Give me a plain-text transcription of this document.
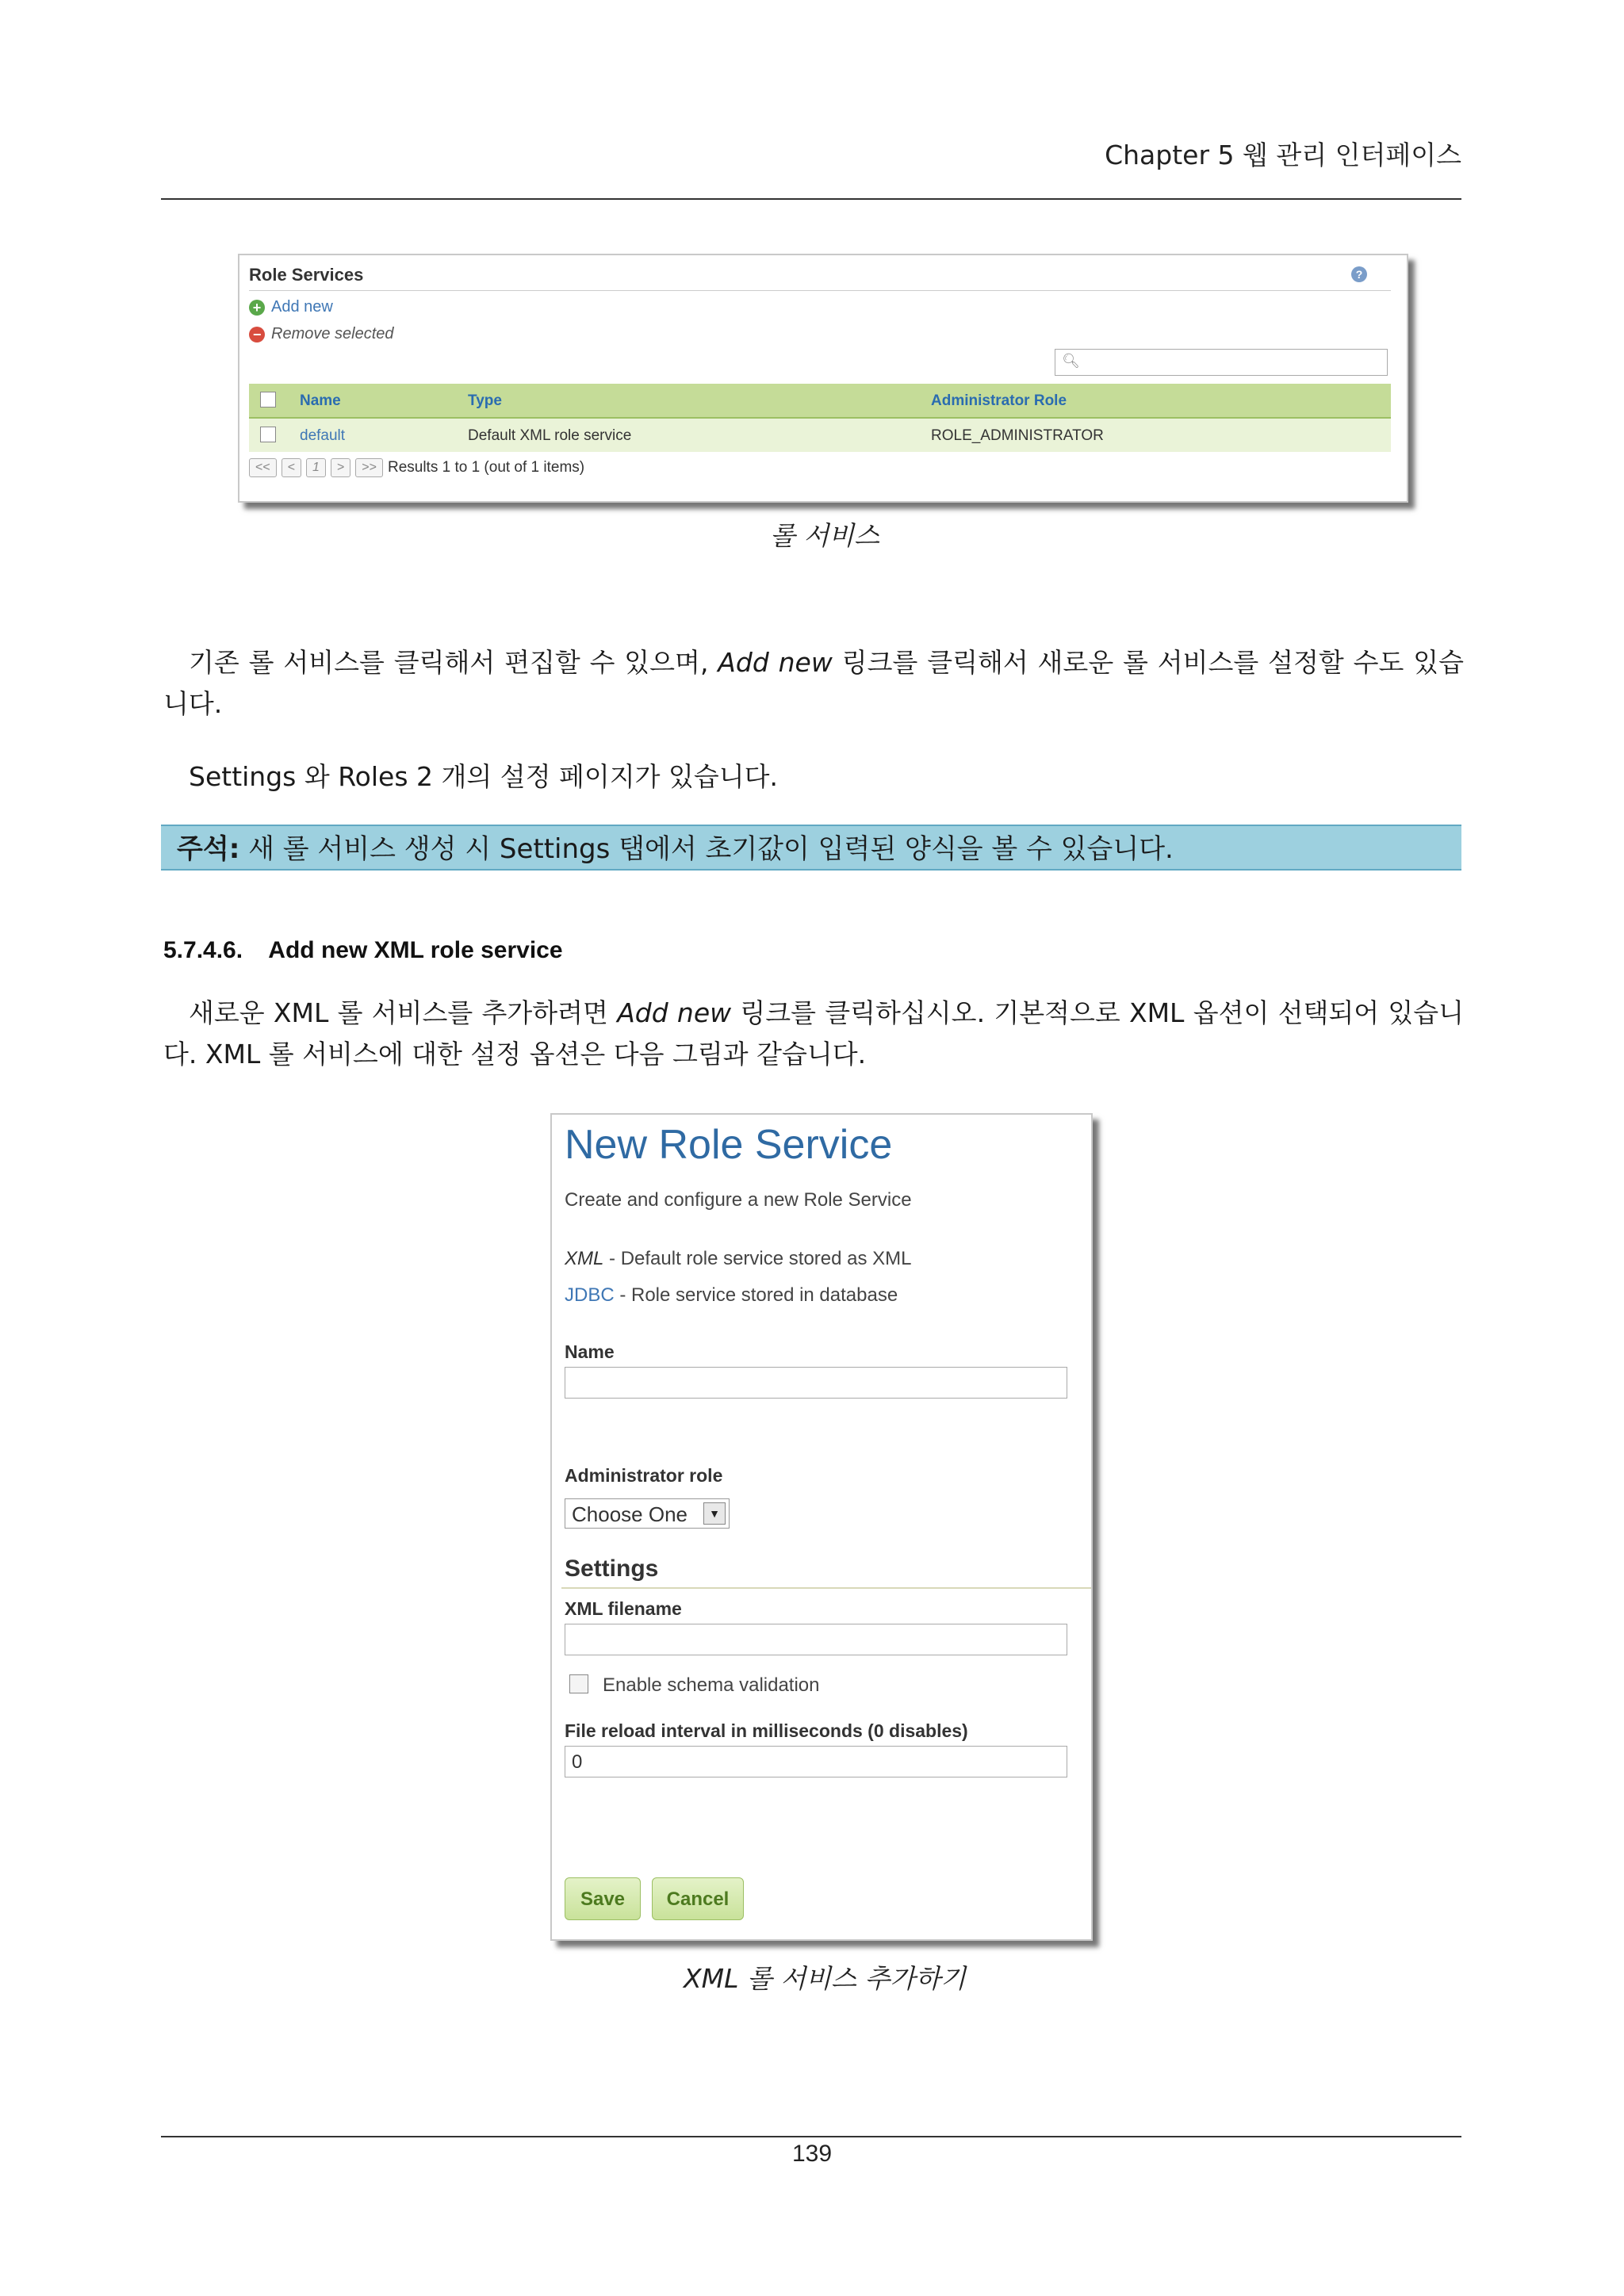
Chapter 5 웹 관리 인터페이스
Role Services	?
+ Add new
− Remove selected
🔍︎
Name	Type	Administrator Role
default	Default XML role service	ROLE_ADMINISTRATOR
<<	<	1	>	>> Results 1 to 1 (out of 1 items)
롤 서비스
기존 롤 서비스를 클릭해서 편집할 수 있으며, Add new 링크를 클릭해서 새로운 롤 서비스를 설정할 수도 있습니다.
Settings 와 Roles 2 개의 설정 페이지가 있습니다.
주석: 새 롤 서비스 생성 시 Settings 탭에서 초기값이 입력된 양식을 볼 수 있습니다.
5.7.4.6.    Add new XML role service
새로운 XML 롤 서비스를 추가하려면 Add new 링크를 클릭하십시오. 기본적으로 XML 옵션이 선택되어 있습니다. XML 롤 서비스에 대한 설정 옵션은 다음 그림과 같습니다.
New Role Service
Create and configure a new Role Service
XML - Default role service stored as XML
JDBC - Role service stored in database
Name
Administrator role
Choose One	▼
Settings
XML filename
Enable schema validation
File reload interval in milliseconds (0 disables)
0
Save	Cancel
XML 롤 서비스 추가하기
139
